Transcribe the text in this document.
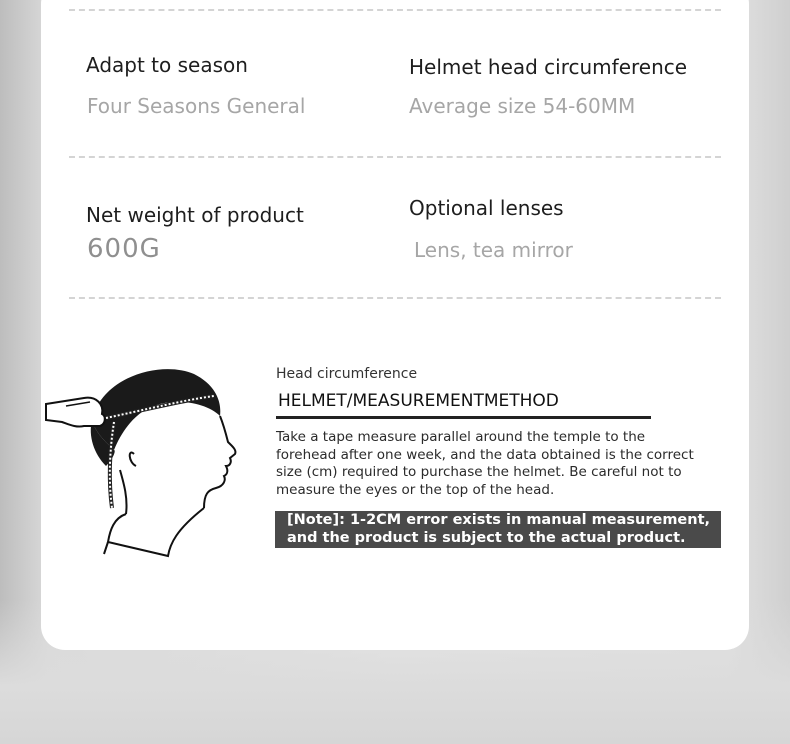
Adapt to season
Four Seasons General
Helmet head circumference
Average size 54-60MM
Net weight of product
600G
Optional lenses
Lens, tea mirror
Head circumference
HELMET/MEASUREMENTMETHOD
Take a tape measure parallel around the temple to the forehead after one week, and the data obtained is the correct size (cm) required to purchase the helmet. Be careful not to measure the eyes or the top of the head.
[Note]: 1-2CM error exists in manual measurement, and the product is subject to the actual product.
